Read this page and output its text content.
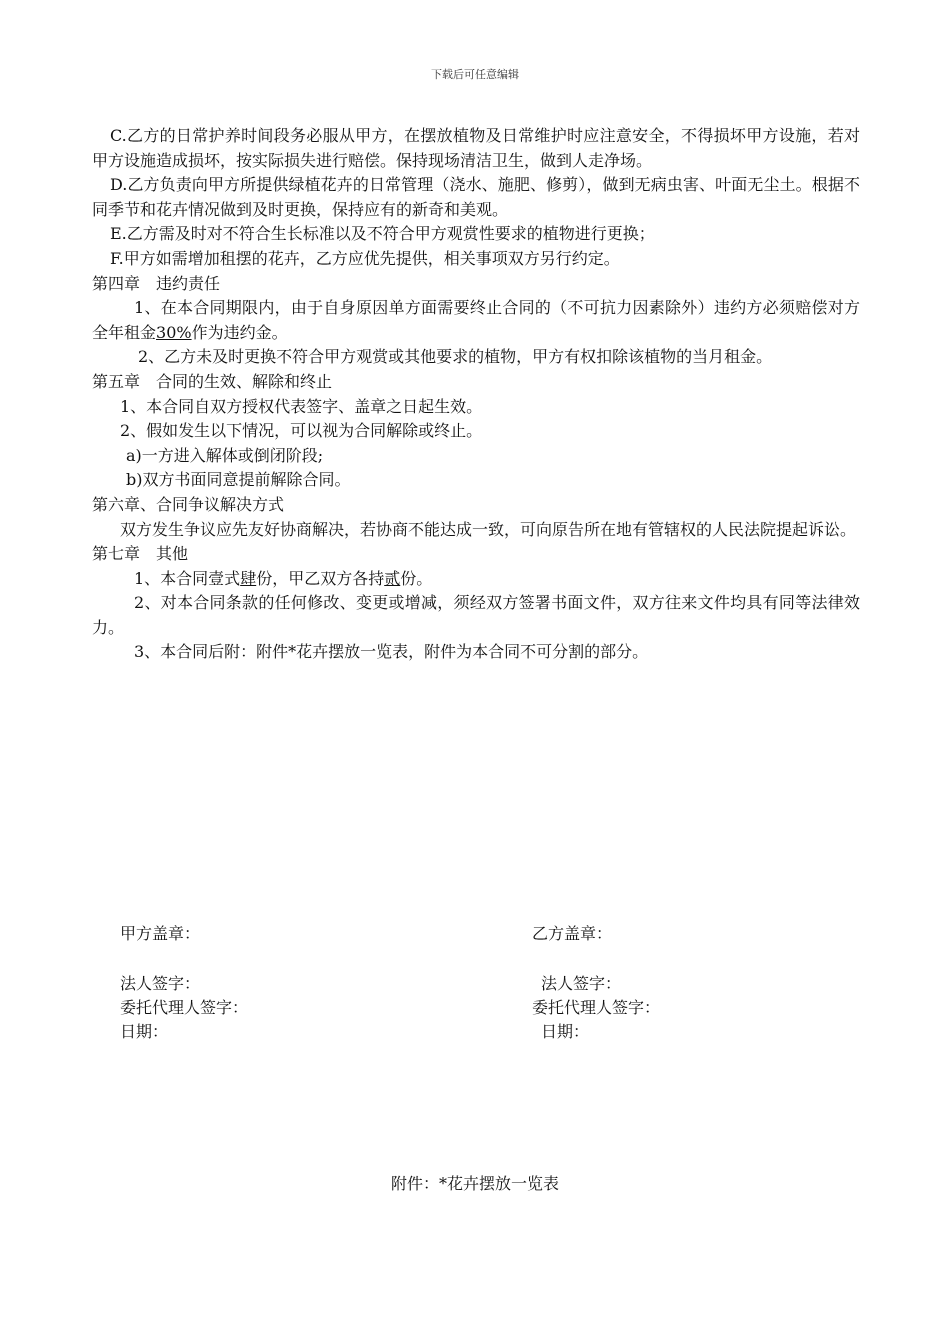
下载后可任意编辑

C.乙方的日常护养时间段务必服从甲方，在摆放植物及日常维护时应注意安全，不得损坏甲方设施，若对甲方设施造成损坏，按实际损失进行赔偿。保持现场清洁卫生，做到人走净场。

D.乙方负责向甲方所提供绿植花卉的日常管理（浇水、施肥、修剪），做到无病虫害、叶面无尘土。根据不同季节和花卉情况做到及时更换，保持应有的新奇和美观。

E.乙方需及时对不符合生长标准以及不符合甲方观赏性要求的植物进行更换；

F.甲方如需增加租摆的花卉，乙方应优先提供，相关事项双方另行约定。

第四章　违约责任

1、在本合同期限内，由于自身原因单方面需要终止合同的（不可抗力因素除外）违约方必须赔偿对方全年租金30%作为违约金。

2、乙方未及时更换不符合甲方观赏或其他要求的植物，甲方有权扣除该植物的当月租金。

第五章　合同的生效、解除和终止

1、本合同自双方授权代表签字、盖章之日起生效。

2、假如发生以下情况，可以视为合同解除或终止。

a)一方进入解体或倒闭阶段;

b)双方书面同意提前解除合同。

第六章、合同争议解决方式

双方发生争议应先友好协商解决，若协商不能达成一致，可向原告所在地有管辖权的人民法院提起诉讼。

第七章　其他

1、本合同壹式肆份，甲乙双方各持贰份。

2、对本合同条款的任何修改、变更或增减，须经双方签署书面文件，双方往来文件均具有同等法律效力。

3、本合同后附：附件*花卉摆放一览表，附件为本合同不可分割的部分。

甲方盖章：	乙方盖章：
法人签字：	法人签字：
委托代理人签字：	委托代理人签字：
日期：	日期：
附件：*花卉摆放一览表
